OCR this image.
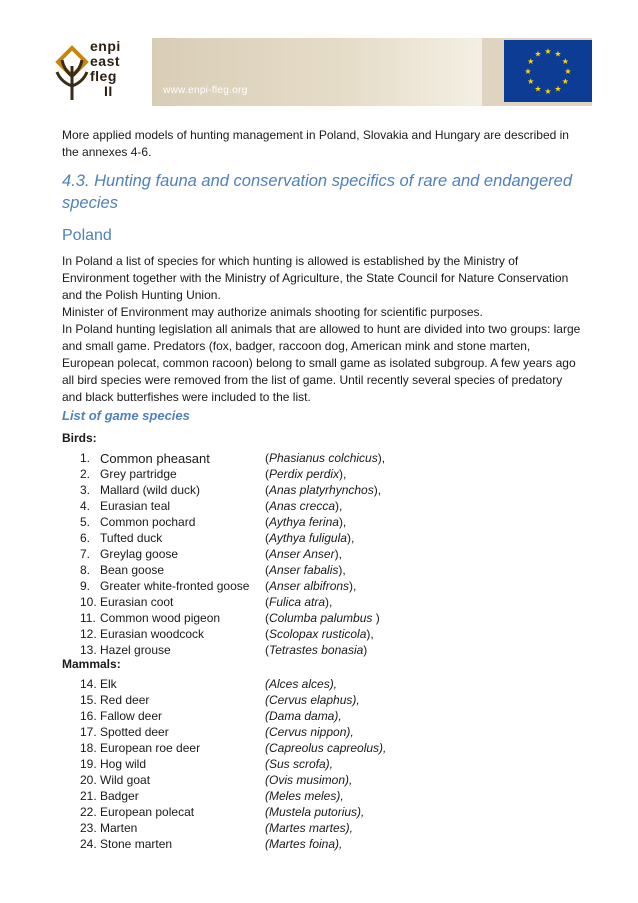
enpi
east
fleg
II	www.enpi-fleg.org
★ ★
★
★
★
★
★
★
★
★
★
★

More applied models of hunting management in Poland, Slovakia and Hungary are described in the annexes 4-6.

4.3. Hunting fauna and conservation specifics of rare and endangered species
Poland

In Poland a list of species for which hunting is allowed is established by the Ministry of Environment together with the Ministry of Agriculture, the State Council for Nature Conservation and the Polish Hunting Union.

Minister of Environment may authorize animals shooting for scientific purposes.

In Poland hunting legislation all animals that are allowed to hunt are divided into two groups: large and small game. Predators (fox, badger, raccoon dog, American mink and stone marten, European polecat, common racoon) belong to small game as isolated subgroup. A few years ago all bird species were removed from the list of game. Until recently several species of predatory and black butterfishes were included to the list.

List of game species
Birds:
1. Common pheasant	(Phasianus colchicus),
2. Grey partridge	(Perdix perdix),
3. Mallard (wild duck)	(Anas platyrhynchos),
4. Eurasian teal	(Anas crecca),
5. Common pochard	(Aythya ferina),
6. Tufted duck	(Aythya fuligula),
7. Greylag goose	(Anser Anser),
8. Bean goose	(Anser fabalis),
9. Greater white-fronted goose (Anser albifrons),
10. Eurasian coot	(Fulica atra),
11. Common wood pigeon	(Columba palumbus )
12. Eurasian woodcock	(Scolopax rusticola),
13. Hazel grouse	(Tetrastes bonasia)
Mammals:
14. Elk	(Alces alces),
15. Red deer	(Cervus elaphus),
16. Fallow deer	(Dama dama),
17. Spotted deer	(Cervus nippon),
18. European roe deer	(Capreolus capreolus),
19. Hog wild	(Sus scrofa),
20. Wild goat	(Ovis musimon),
21. Badger	(Meles meles),
22. European polecat	(Mustela putorius),
23. Marten	(Martes martes),
24. Stone marten	(Martes foina),
